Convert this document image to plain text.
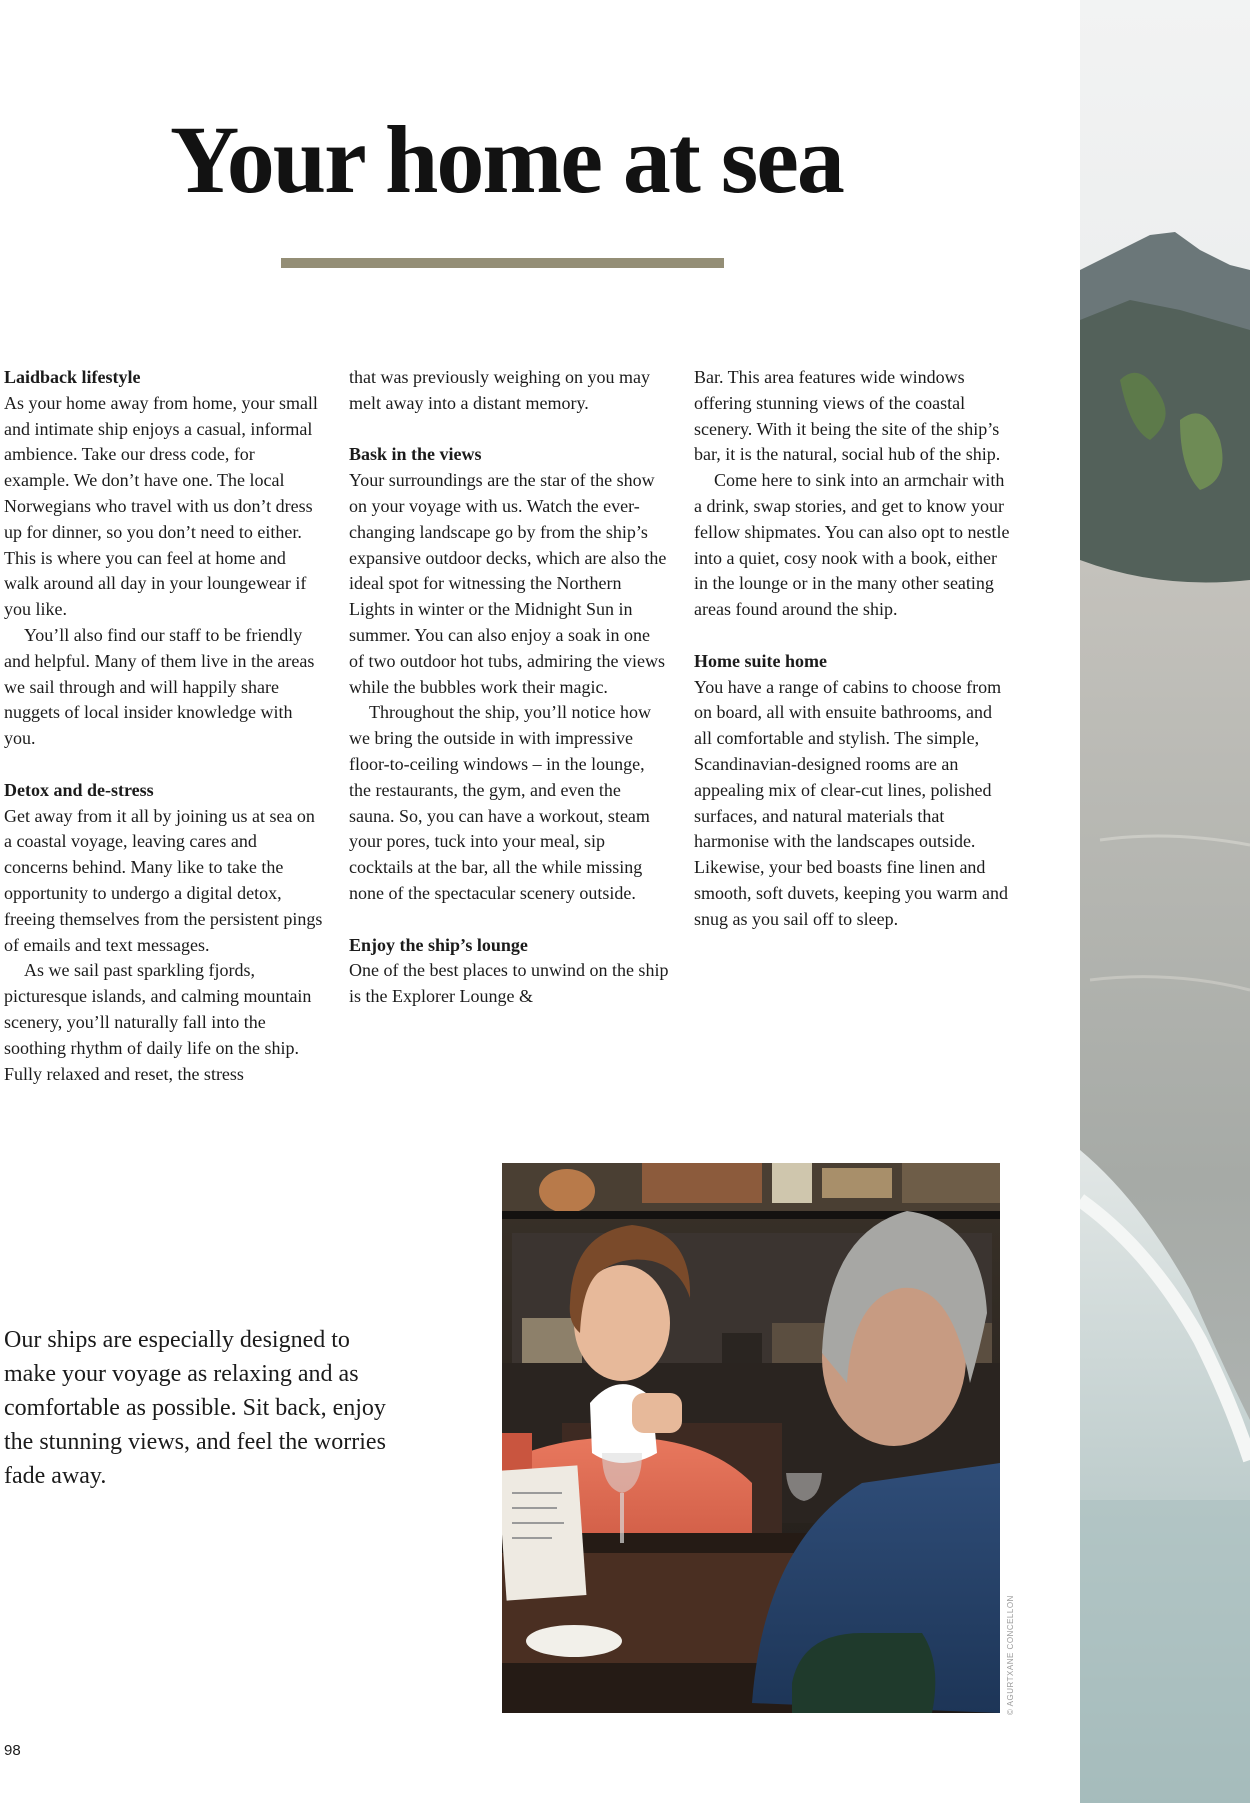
Your home at sea
Laidback lifestyle

As your home away from home, your small and intimate ship enjoys a casual, informal ambience. Take our dress code, for example. We don’t have one. The local Norwegians who travel with us don’t dress up for dinner, so you don’t need to either. This is where you can feel at home and walk around all day in your loungewear if you like.

You’ll also find our staff to be friendly and helpful. Many of them live in the areas we sail through and will happily share nuggets of local insider knowledge with you.

Detox and de-stress

Get away from it all by joining us at sea on a coastal voyage, leaving cares and concerns behind. Many like to take the opportunity to undergo a digital detox, freeing themselves from the persistent pings of emails and text messages.

As we sail past sparkling fjords, picturesque islands, and calming mountain scenery, you’ll naturally fall into the soothing rhythm of daily life on the ship. Fully relaxed and reset, the stress

that was previously weighing on you may melt away into a distant memory.

Bask in the views

Your surroundings are the star of the show on your voyage with us. Watch the ever-changing landscape go by from the ship’s expansive outdoor decks, which are also the ideal spot for witnessing the Northern Lights in winter or the Midnight Sun in summer. You can also enjoy a soak in one of two outdoor hot tubs, admiring the views while the bubbles work their magic.

Throughout the ship, you’ll notice how we bring the outside in with impressive floor-to-ceiling windows – in the lounge, the restaurants, the gym, and even the sauna. So, you can have a workout, steam your pores, tuck into your meal, sip cocktails at the bar, all the while missing none of the spectacular scenery outside.

Enjoy the ship’s lounge

One of the best places to unwind on the ship is the Explorer Lounge &

Bar. This area features wide windows offering stunning views of the coastal scenery. With it being the site of the ship’s bar, it is the natural, social hub of the ship.

Come here to sink into an armchair with a drink, swap stories, and get to know your fellow shipmates. You can also opt to nestle into a quiet, cosy nook with a book, either in the lounge or in the many other seating areas found around the ship.

Home suite home

You have a range of cabins to choose from on board, all with ensuite bathrooms, and all comfortable and stylish. The simple, Scandinavian-designed rooms are an appealing mix of clear-cut lines, polished surfaces, and natural materials that harmonise with the landscapes outside. Likewise, your bed boasts fine linen and smooth, soft duvets, keeping you warm and snug as you sail off to sleep.

Our ships are especially designed to make your voyage as relaxing and as comfortable as possible. Sit back, enjoy the stunning views, and feel the worries fade away.

© AGURTXANE CONCELLON
98
